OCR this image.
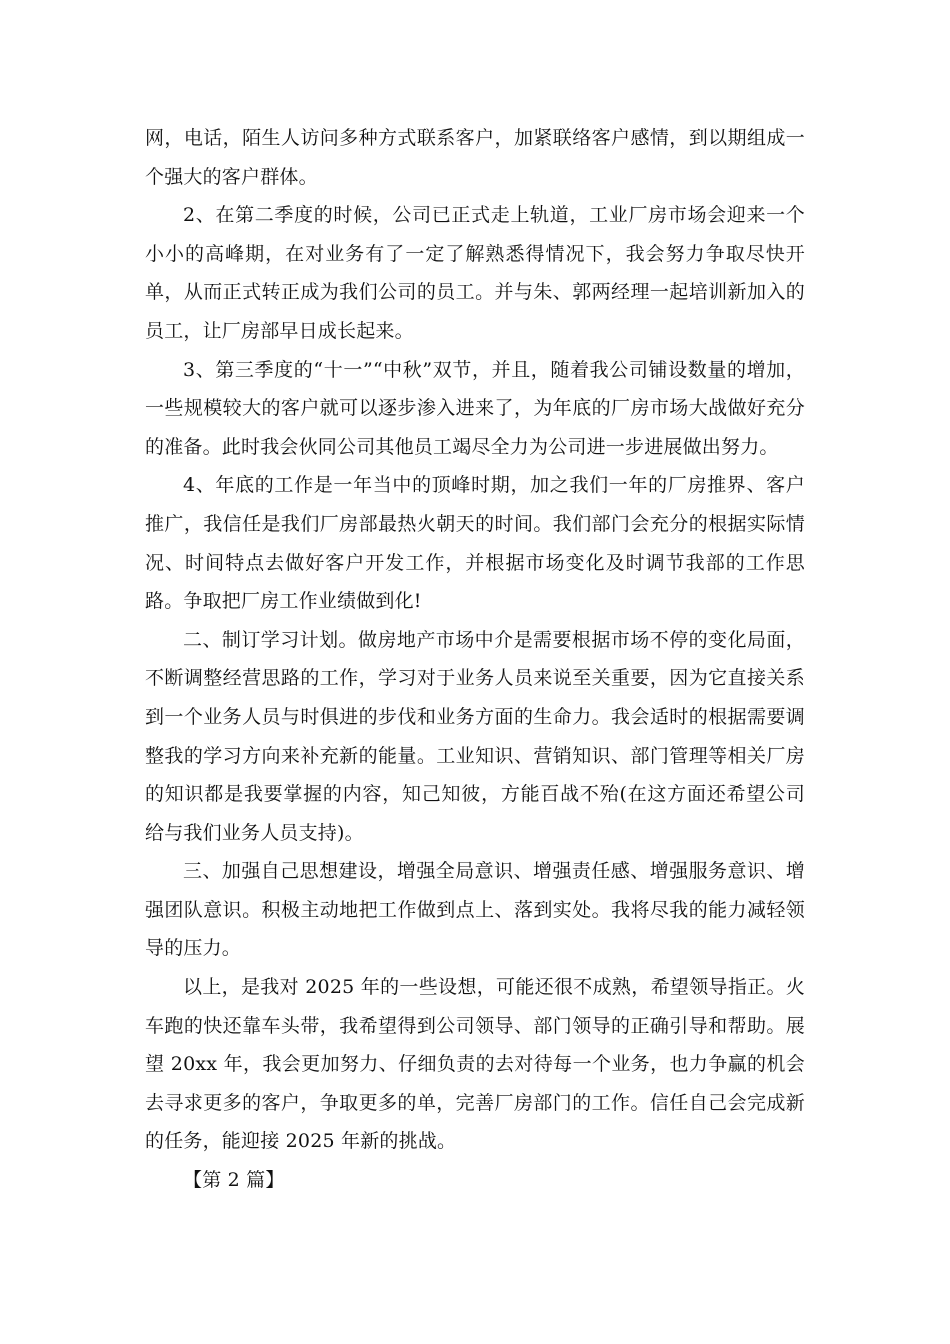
网，电话，陌生人访问多种方式联系客户，加紧联络客户感情，到以期组成一个强大的客户群体。

2、在第二季度的时候，公司已正式走上轨道，工业厂房市场会迎来一个小小的高峰期，在对业务有了一定了解熟悉得情况下，我会努力争取尽快开单，从而正式转正成为我们公司的员工。并与朱、郭两经理一起培训新加入的员工，让厂房部早日成长起来。

3、第三季度的“十一”“中秋”双节，并且，随着我公司铺设数量的增加，一些规模较大的客户就可以逐步渗入进来了，为年底的厂房市场大战做好充分的准备。此时我会伙同公司其他员工竭尽全力为公司进一步进展做出努力。

4、年底的工作是一年当中的顶峰时期，加之我们一年的厂房推界、客户推广，我信任是我们厂房部最热火朝天的时间。我们部门会充分的根据实际情况、时间特点去做好客户开发工作，并根据市场变化及时调节我部的工作思路。争取把厂房工作业绩做到化!

二、制订学习计划。做房地产市场中介是需要根据市场不停的变化局面，不断调整经营思路的工作，学习对于业务人员来说至关重要，因为它直接关系到一个业务人员与时俱进的步伐和业务方面的生命力。我会适时的根据需要调整我的学习方向来补充新的能量。工业知识、营销知识、部门管理等相关厂房的知识都是我要掌握的内容，知己知彼，方能百战不殆(在这方面还希望公司给与我们业务人员支持)。

三、加强自己思想建设，增强全局意识、增强责任感、增强服务意识、增强团队意识。积极主动地把工作做到点上、落到实处。我将尽我的能力减轻领导的压力。

以上，是我对 2025 年的一些设想，可能还很不成熟，希望领导指正。火车跑的快还靠车头带，我希望得到公司领导、部门领导的正确引导和帮助。展望 20xx 年，我会更加努力、仔细负责的去对待每一个业务，也力争赢的机会去寻求更多的客户，争取更多的单，完善厂房部门的工作。信任自己会完成新的任务，能迎接 2025 年新的挑战。

【第 2 篇】
